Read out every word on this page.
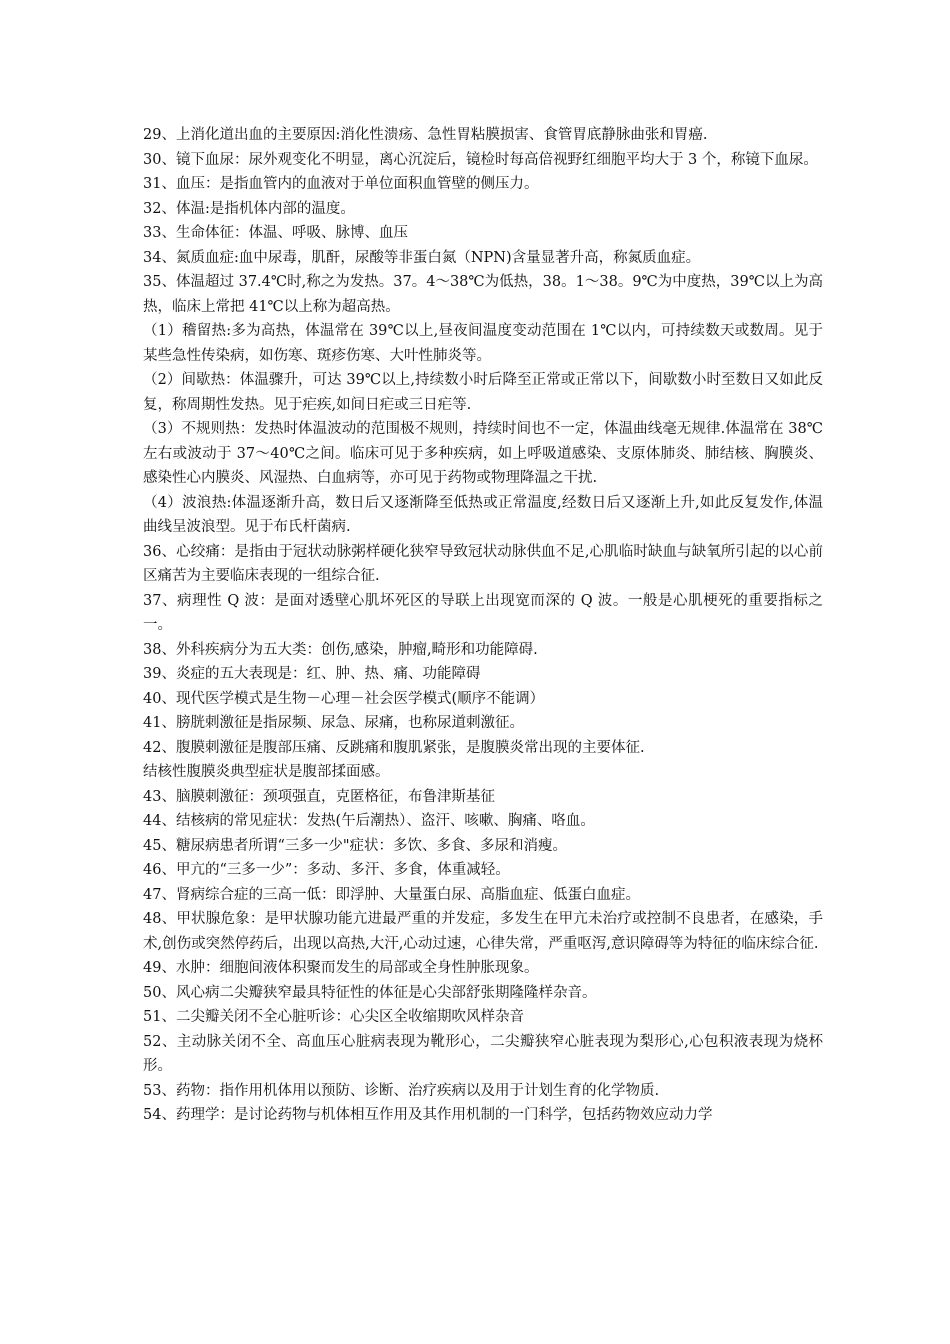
29、上消化道出血的主要原因:消化性溃疡、急性胃粘膜损害、食管胃底静脉曲张和胃癌.

30、镜下血尿：尿外观变化不明显，离心沉淀后，镜检时每高倍视野红细胞平均大于 3 个，称镜下血尿。

31、血压：是指血管内的血液对于单位面积血管壁的侧压力。

32、体温:是指机体内部的温度。

33、生命体征：体温、呼吸、脉博、血压

34、氮质血症:血中尿毒，肌酐，尿酸等非蛋白氮（NPN)含量显著升高，称氮质血症。

35、体温超过 37.4℃时,称之为发热。37。4～38℃为低热，38。1～38。9℃为中度热，39℃以上为高热，临床上常把 41℃以上称为超高热。

（1）稽留热:多为高热，体温常在 39℃以上,昼夜间温度变动范围在 1℃以内，可持续数天或数周。见于某些急性传染病，如伤寒、斑疹伤寒、大叶性肺炎等。

（2）间歇热：体温骤升，可达 39℃以上,持续数小时后降至正常或正常以下，间歇数小时至数日又如此反复，称周期性发热。见于疟疾,如间日疟或三日疟等.

（3）不规则热：发热时体温波动的范围极不规则，持续时间也不一定，体温曲线毫无规律.体温常在 38℃左右或波动于 37～40℃之间。临床可见于多种疾病，如上呼吸道感染、支原体肺炎、肺结核、胸膜炎、感染性心内膜炎、风湿热、白血病等，亦可见于药物或物理降温之干扰.

（4）波浪热:体温逐渐升高，数日后又逐渐降至低热或正常温度,经数日后又逐渐上升,如此反复发作,体温曲线呈波浪型。见于布氏杆菌病.

36、心绞痛：是指由于冠状动脉粥样硬化狭窄导致冠状动脉供血不足,心肌临时缺血与缺氧所引起的以心前区痛苦为主要临床表现的一组综合征.

37、病理性 Q 波：是面对透壁心肌坏死区的导联上出现宽而深的 Q 波。一般是心肌梗死的重要指标之一。

38、外科疾病分为五大类：创伤,感染，肿瘤,畸形和功能障碍.

39、炎症的五大表现是：红、肿、热、痛、功能障碍

40、现代医学模式是生物－心理－社会医学模式(顺序不能调）

41、膀胱刺激征是指尿频、尿急、尿痛，也称尿道刺激征。

42、腹膜刺激征是腹部压痛、反跳痛和腹肌紧张，是腹膜炎常出现的主要体征.

结核性腹膜炎典型症状是腹部揉面感。

43、脑膜刺激征：颈项强直，克匿格征，布鲁津斯基征

44、结核病的常见症状：发热(午后潮热）、盗汗、咳嗽、胸痛、咯血。

45、糖尿病患者所谓“三多一少"症状：多饮、多食、多尿和消瘦。

46、甲亢的“三多一少”：多动、多汗、多食，体重减轻。

47、肾病综合症的三高一低：即浮肿、大量蛋白尿、高脂血症、低蛋白血症。

48、甲状腺危象：是甲状腺功能亢进最严重的并发症，多发生在甲亢未治疗或控制不良患者，在感染，手术,创伤或突然停药后，出现以高热,大汗,心动过速，心律失常，严重呕泻,意识障碍等为特征的临床综合征.

49、水肿：细胞间液体积聚而发生的局部或全身性肿胀现象。

50、风心病二尖瓣狭窄最具特征性的体征是心尖部舒张期隆隆样杂音。

51、二尖瓣关闭不全心脏听诊：心尖区全收缩期吹风样杂音

52、主动脉关闭不全、高血压心脏病表现为靴形心，二尖瓣狭窄心脏表现为梨形心,心包积液表现为烧杯形。

53、药物：指作用机体用以预防、诊断、治疗疾病以及用于计划生育的化学物质.

54、药理学：是讨论药物与机体相互作用及其作用机制的一门科学，包括药物效应动力学
